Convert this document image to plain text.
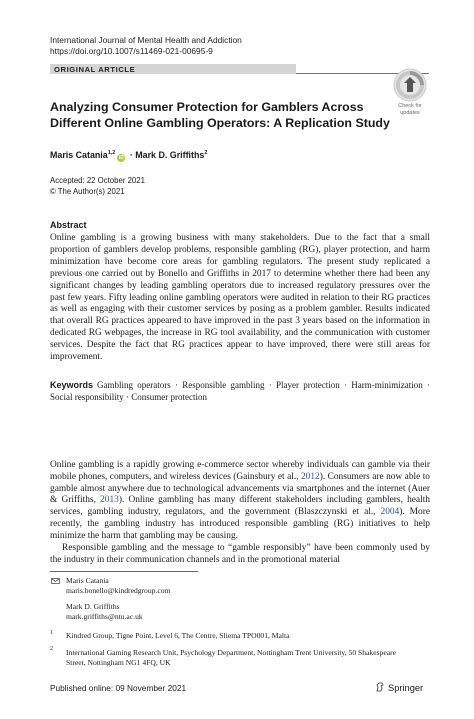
International Journal of Mental Health and Addiction
https://doi.org/10.1007/s11469-021-00695-9
ORIGINAL ARTICLE
Check for
updates
Analyzing Consumer Protection for Gamblers Across
Different Online Gambling Operators: A Replication Study
Maris Catania$^{1,2}$iD · Mark D. Griffiths$^2$
Accepted: 22 October 2021
© The Author(s) 2021
Abstract
Online gambling is a growing business with many stakeholders. Due to the fact that a small proportion of gamblers develop problems, responsible gambling (RG), player protection, and harm minimization have become core areas for gambling regulators. The present study replicated a previous one carried out by Bonello and Griffiths in 2017 to determine whether there had been any significant changes by leading gambling operators due to increased regulatory pressures over the past few years. Fifty leading online gambling operators were audited in relation to their RG practices as well as engaging with their customer services by posing as a problem gambler. Results indicated that overall RG practices appeared to have improved in the past 3 years based on the information in dedicated RG webpages, the increase in RG tool availability, and the communication with customer services. Despite the fact that RG practices appear to have improved, there were still areas for improvement.
Keywords Gambling operators · Responsible gambling · Player protection · Harm-minimization · Social responsibility · Consumer protection
Online gambling is a rapidly growing e-commerce sector whereby individuals can gamble via their mobile phones, computers, and wireless devices (Gainsbury et al., 2012). Consumers are now able to gamble almost anywhere due to technological advancements via smartphones and the internet (Auer & Griffiths, 2013). Online gambling has many different stakeholders including gamblers, health services, gambling industry, regulators, and the government (Blaszczynski et al., 2004). More recently, the gambling industry has introduced responsible gambling (RG) initiatives to help minimize the harm that gambling may be causing.
Responsible gambling and the message to “gamble responsibly” have been commonly used by the industry in their communication channels and in the promotional material
Maris Catania
maris.bonello@kindredgroup.com
Mark D. Griffiths
mark.griffiths@ntu.ac.uk
1 Kindred Group, Tigne Point, Level 6, The Centre, Sliema TPO001, Malta
2 International Gaming Research Unit, Psychology Department, Nottingham Trent University, 50 Shakespeare Street, Nottingham NG1 4FQ, UK
Published online: 09 November 2021	Springer
